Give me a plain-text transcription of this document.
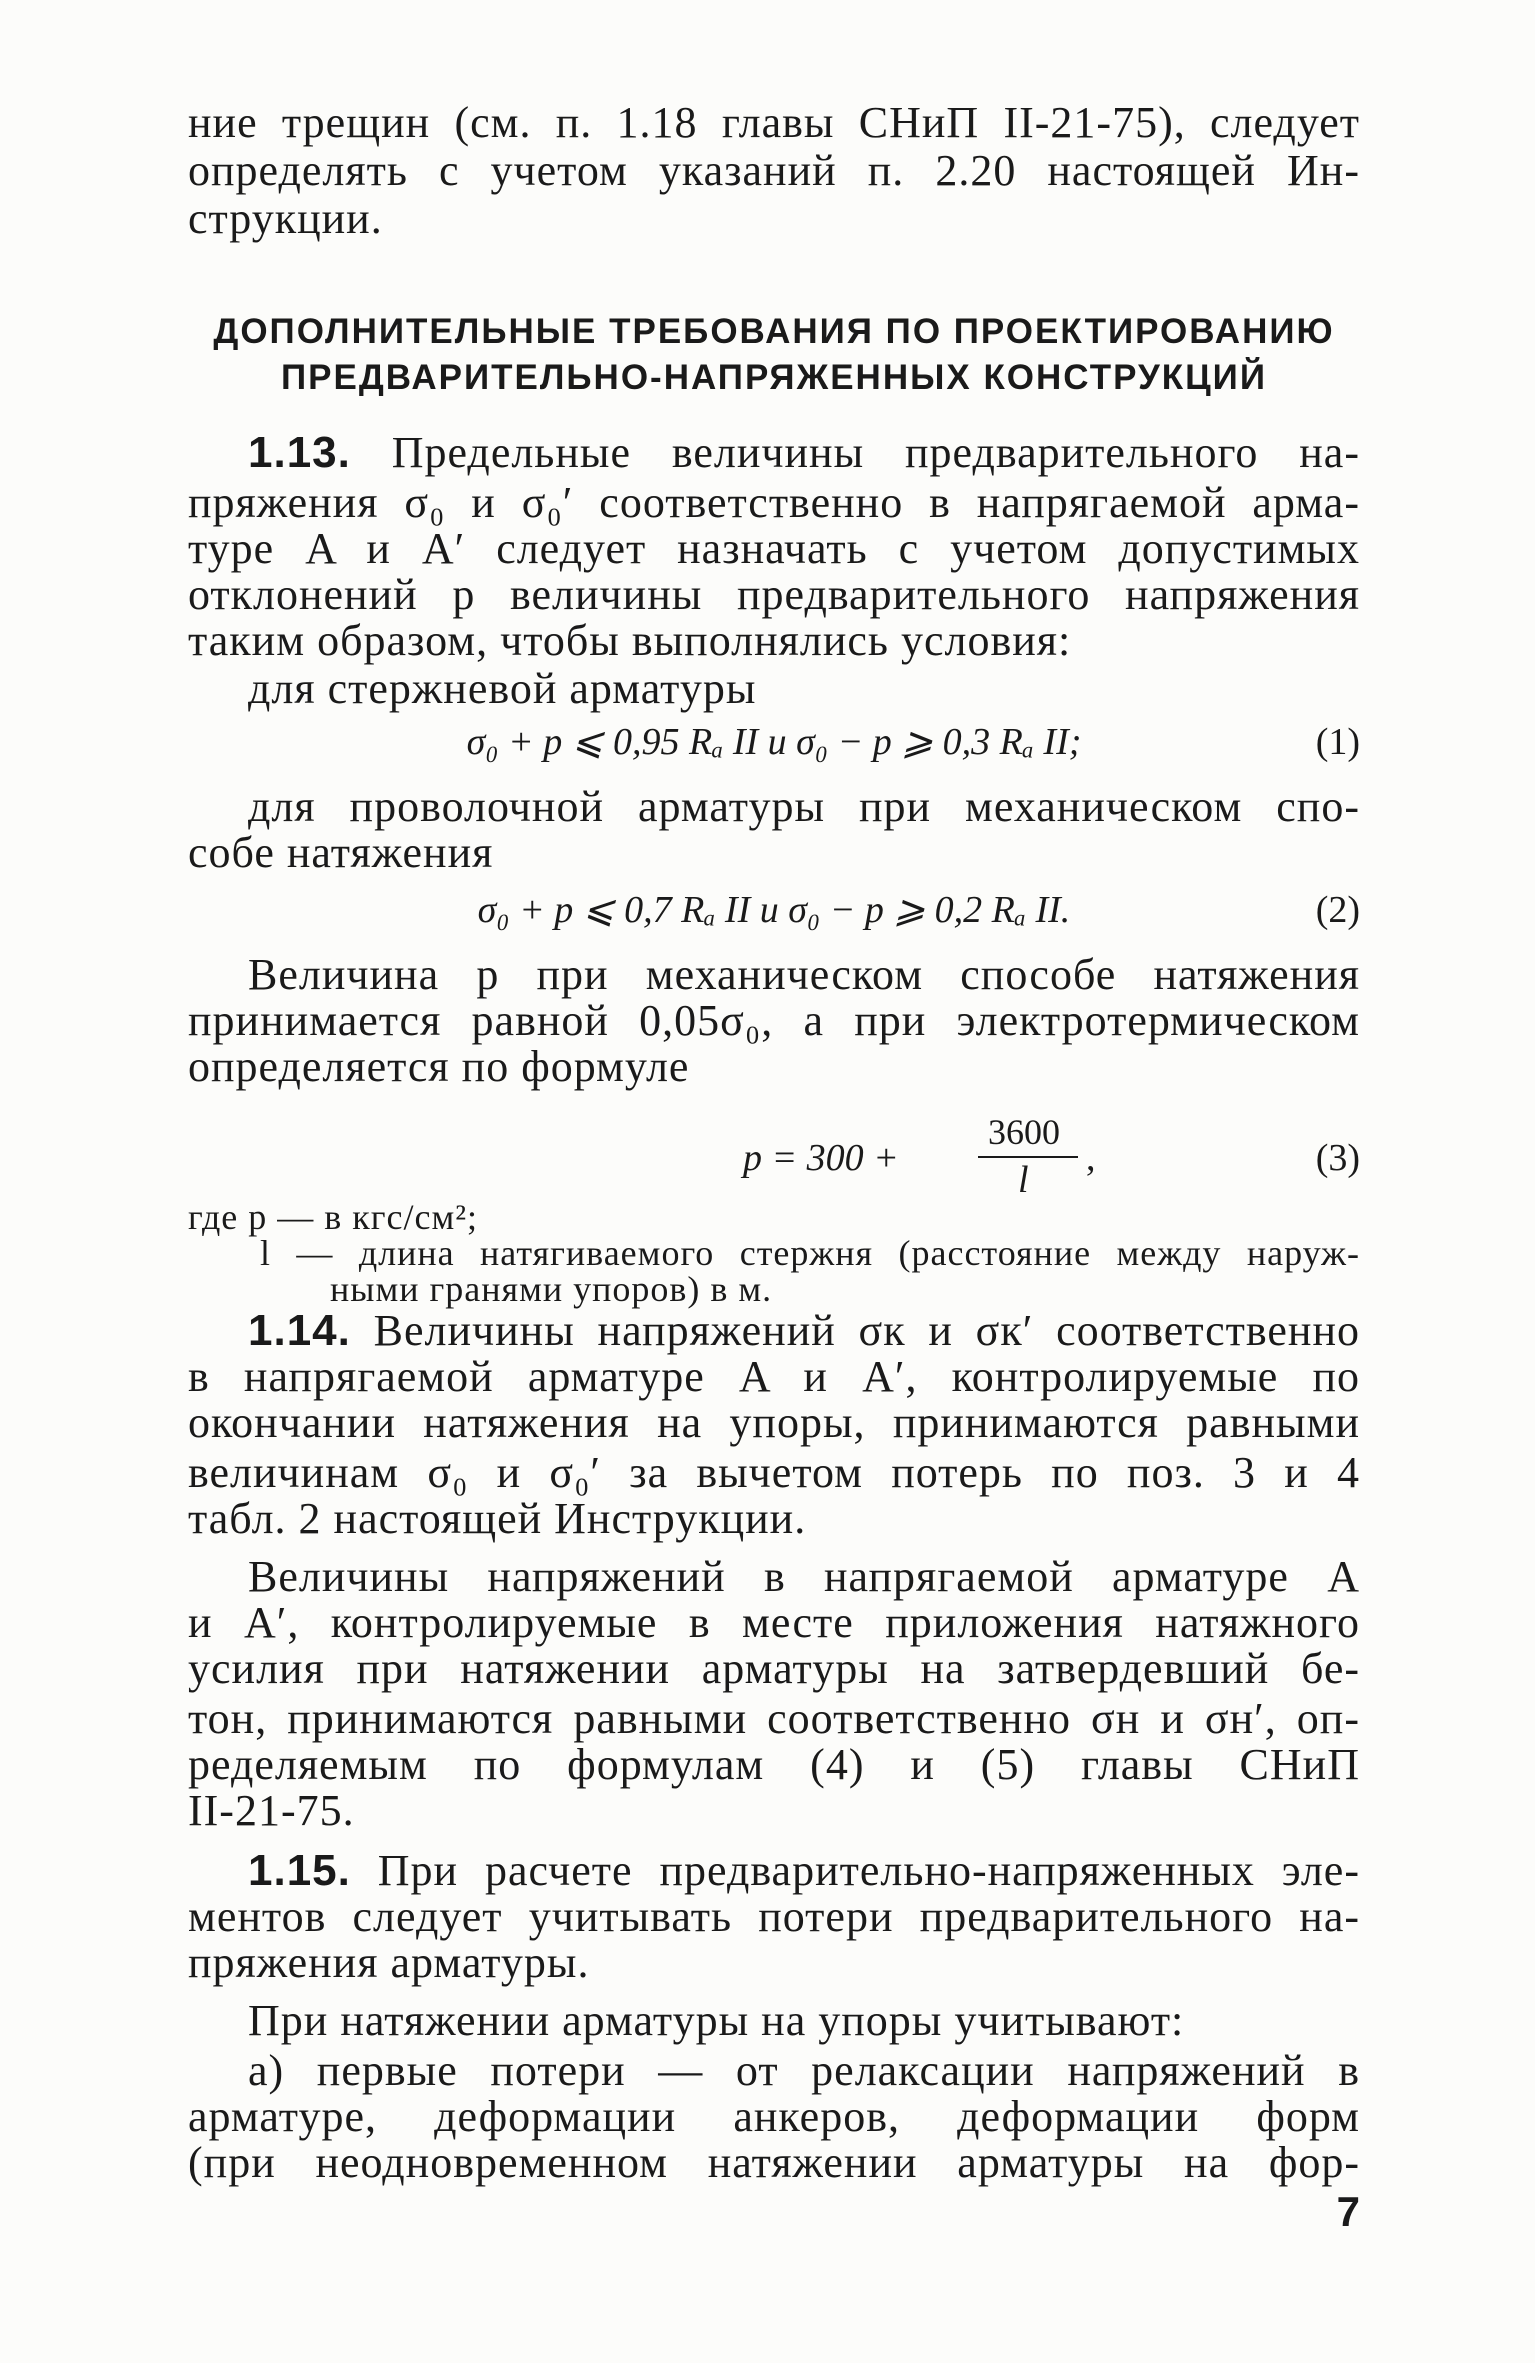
ние трещин (см. п. 1.18 главы СНиП II-21-75), следует
определять с учетом указаний п. 2.20 настоящей Ин-
струкции.
ДОПОЛНИТЕЛЬНЫЕ ТРЕБОВАНИЯ ПО ПРОЕКТИРОВАНИЮ
ПРЕДВАРИТЕЛЬНО-НАПРЯЖЕННЫХ КОНСТРУКЦИЙ
1.13. Предельные величины предварительного на-
пряжения σ₀ и σ₀′ соответственно в напрягаемой арма-
туре A и A′ следует назначать с учетом допустимых
отклонений p величины предварительного напряжения
таким образом, чтобы выполнялись условия:
для стержневой арматуры
σ₀ + p ⩽ 0,95 Rₐ II и σ₀ − p ⩾ 0,3 Rₐ II;	(1)
для проволочной арматуры при механическом спо-
собе натяжения
σ₀ + p ⩽ 0,7 Rₐ II и σ₀ − p ⩾ 0,2 Rₐ II.	(2)
Величина p при механическом способе натяжения
принимается равной 0,05σ₀, а при электротермическом
определяется по формуле
p = 300 +
3600
l
,	(3)
где p — в кгс/см²;
l — длина натягиваемого стержня (расстояние между наруж-
ными гранями упоров) в м.
1.14. Величины напряжений σк и σк′ соответственно
в напрягаемой арматуре A и A′, контролируемые по
окончании натяжения на упоры, принимаются равными
величинам σ₀ и σ₀′ за вычетом потерь по поз. 3 и 4
табл. 2 настоящей Инструкции.
Величины напряжений в напрягаемой арматуре A
и A′, контролируемые в месте приложения натяжного
усилия при натяжении арматуры на затвердевший бе-
тон, принимаются равными соответственно σн и σн′, оп-
ределяемым по формулам (4) и (5) главы СНиП
II-21-75.
1.15. При расчете предварительно-напряженных эле-
ментов следует учитывать потери предварительного на-
пряжения арматуры.
При натяжении арматуры на упоры учитывают:
а) первые потери — от релаксации напряжений в
арматуре, деформации анкеров, деформации форм
(при неодновременном натяжении арматуры на фор-
7
